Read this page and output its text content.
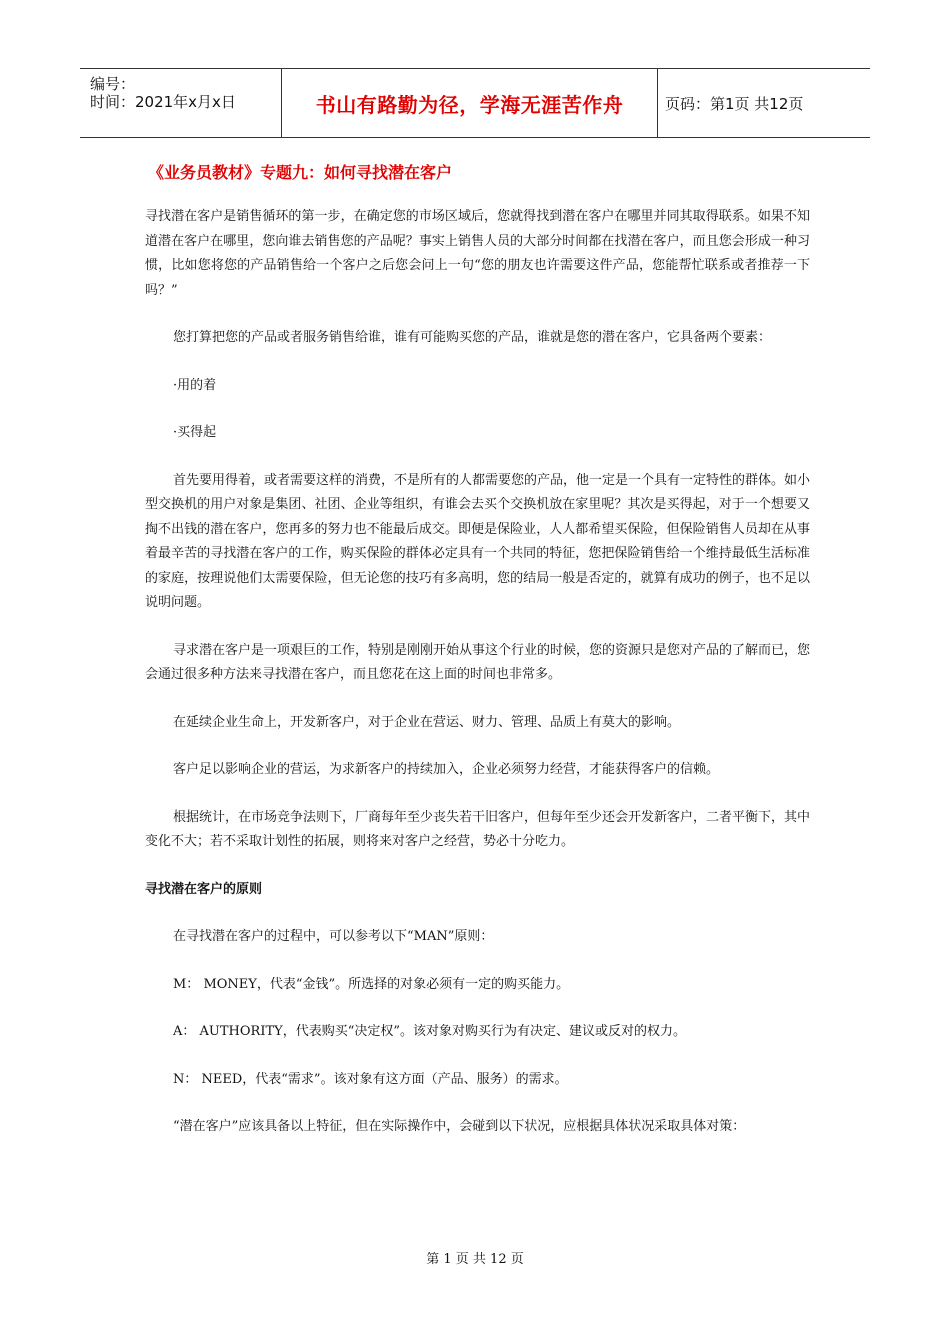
编号：
时间：2021年x月x日	书山有路勤为径，学海无涯苦作舟	页码：第1页 共12页
《业务员教材》专题九：如何寻找潜在客户

寻找潜在客户是销售循环的第一步，在确定您的市场区域后，您就得找到潜在客户在哪里并同其取得联系。如果不知道潜在客户在哪里，您向谁去销售您的产品呢？事实上销售人员的大部分时间都在找潜在客户，而且您会形成一种习惯，比如您将您的产品销售给一个客户之后您会问上一句“您的朋友也许需要这件产品，您能帮忙联系或者推荐一下吗？”

您打算把您的产品或者服务销售给谁，谁有可能购买您的产品，谁就是您的潜在客户，它具备两个要素：

·用的着

·买得起

首先要用得着，或者需要这样的消费，不是所有的人都需要您的产品，他一定是一个具有一定特性的群体。如小型交换机的用户对象是集团、社团、企业等组织，有谁会去买个交换机放在家里呢？其次是买得起，对于一个想要又掏不出钱的潜在客户，您再多的努力也不能最后成交。即便是保险业，人人都希望买保险，但保险销售人员却在从事着最辛苦的寻找潜在客户的工作，购买保险的群体必定具有一个共同的特征，您把保险销售给一个维持最低生活标准的家庭，按理说他们太需要保险，但无论您的技巧有多高明，您的结局一般是否定的，就算有成功的例子，也不足以说明问题。

寻求潜在客户是一项艰巨的工作，特别是刚刚开始从事这个行业的时候，您的资源只是您对产品的了解而已，您会通过很多种方法来寻找潜在客户，而且您花在这上面的时间也非常多。

在延续企业生命上，开发新客户，对于企业在营运、财力、管理、品质上有莫大的影响。

客户足以影响企业的营运，为求新客户的持续加入，企业必须努力经营，才能获得客户的信赖。

根据统计，在市场竞争法则下，厂商每年至少丧失若干旧客户，但每年至少还会开发新客户，二者平衡下，其中变化不大；若不采取计划性的拓展，则将来对客户之经营，势必十分吃力。

寻找潜在客户的原则

在寻找潜在客户的过程中，可以参考以下“MAN”原则：

M： MONEY，代表“金钱”。所选择的对象必须有一定的购买能力。

A： AUTHORITY，代表购买“决定权”。该对象对购买行为有决定、建议或反对的权力。

N： NEED，代表“需求”。该对象有这方面（产品、服务）的需求。

“潜在客户”应该具备以上特征，但在实际操作中，会碰到以下状况，应根据具体状况采取具体对策：

第 1 页 共 12 页
